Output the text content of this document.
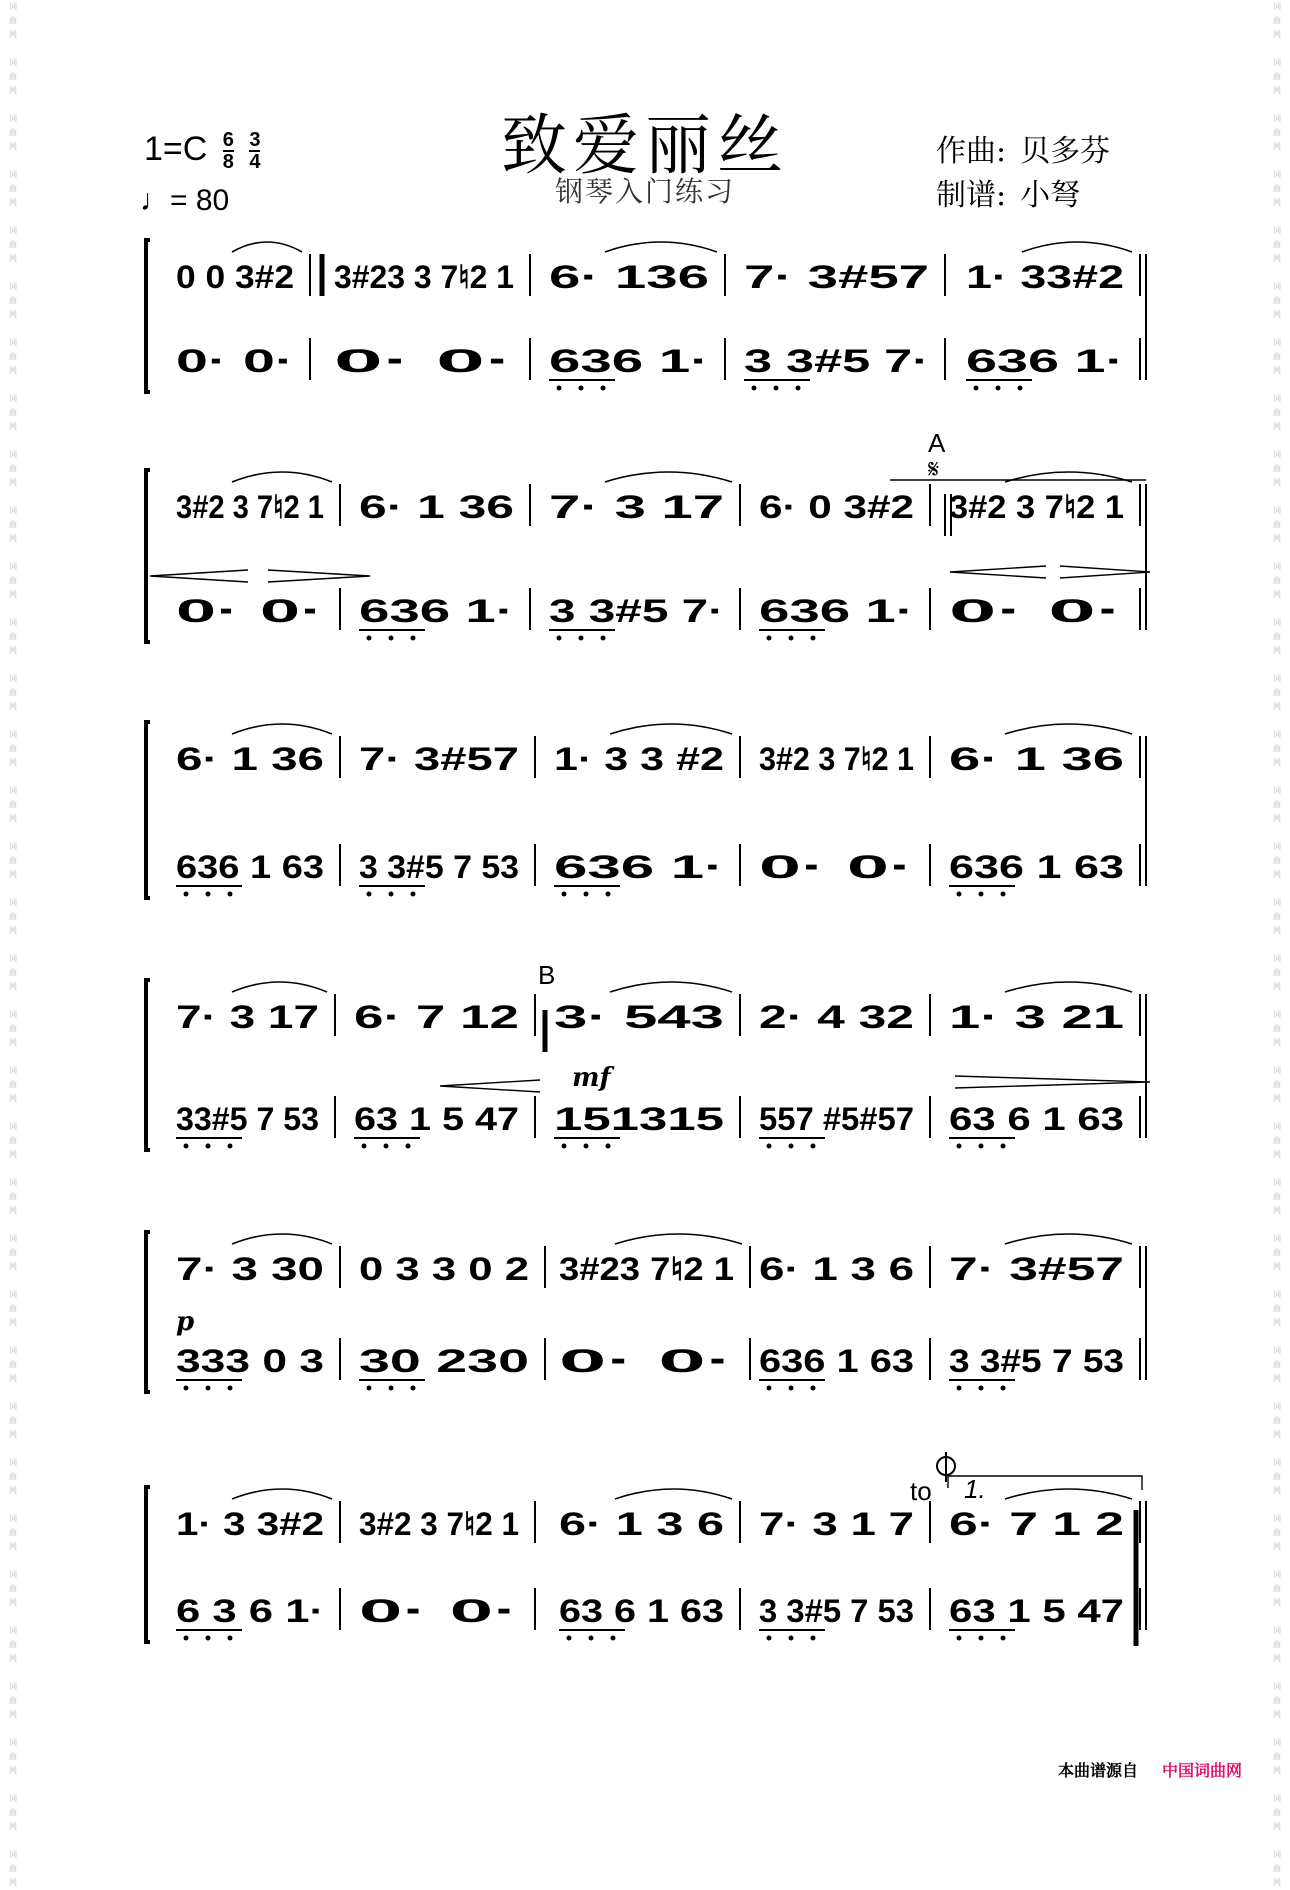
词
曲
网

词
曲
网

词
曲
网

词
曲
网

词
曲
网

词
曲
网

词
曲
网

词
曲
网

词
曲
网

词
曲
网

词
曲
网

词
曲
网

词
曲
网

词
曲
网

词
曲
网

词
曲
网

词
曲
网

词
曲
网

词
曲
网

词
曲
网

词
曲
网

词
曲
网

词
曲
网

词
曲
网

词
曲
网

词
曲
网

词
曲
网

词
曲
网

词
曲
网

词
曲
网

词
曲
网

词
曲
网

词
曲
网

词
曲
网

词
曲
网

词
曲
网

词
曲
网

词
曲
网

词
曲
网

词
曲
网

词
曲
网

词
曲
网

词
曲
网

词
曲
网

词
曲
网

词
曲
网

词
曲
网

词
曲
网

词
曲
网

词
曲
网

词
曲
网

词
曲
网

词
曲
网

词
曲
网

词
曲
网

词
曲
网

词
曲
网

词
曲
网

词
曲
网

词
曲
网

词
曲
网

词
曲
网

词
曲
网

词
曲
网

词
曲
网

词
曲
网

词
曲
网

词
曲
网

致爱丽丝
钢琴入门练习
$1=C \frac{6}{8}$
$\frac{3}{4}$
♩= 80
作曲: 贝多芬
制谱: 小弩
0 0 3#2
0· 0·
3#23 3 7♮2 1
0· 0·
6· 136
636 1·
7· 3#57
3 3#5 7·
1· 33#2
636 1·
3#2 3 7♮2 1
0· 0·
6· 1 36
636 1·
7· 3 17
3 3#5 7·
6· 0 3#2
636 1·
3#2 3 7♮2 1
0· 0·
6· 1 36
636 1 63
7· 3#57
3 3#5 7 53
1· 3 3 #2
636 1·
3#2 3 7♮2 1
0· 0·
6· 1 36
636 1 63
7· 3 17
33#5 7 53
6· 7 12
63 1 5 47
3· 543
151315
2· 4 32
557 #5#57
1· 3 21
63 6 1 63
7· 3 30
333 0 3
0 3 3 0 2
30 230
3#23 7♮2 1
0· 0·
6· 1 3 6
636 1 63
7· 3#57
3 3#5 7 53
1· 3 3#2
6 3 6 1·
3#2 3 7♮2 1
0· 0·
6· 1 3 6
63 6 1 63
7· 3 1 7
3 3#5 7 53
6· 7 1 2
63 1 5 47
A
𝄋
B
to 1.
mf
p
本曲谱源自 中国词曲网
